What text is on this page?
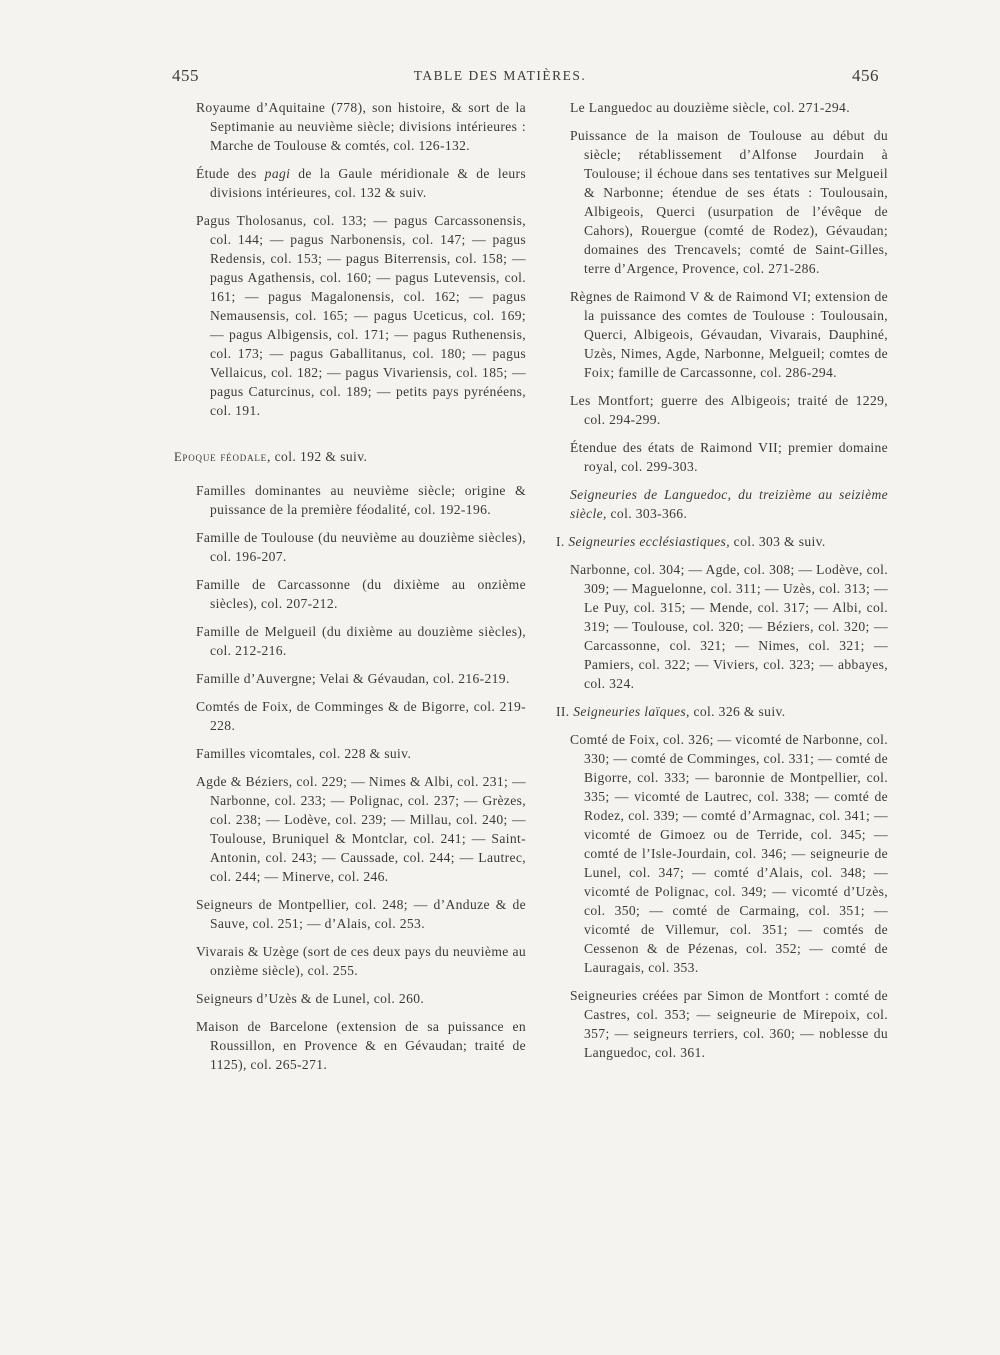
455	TABLE DES MATIÈRES.	456

Royaume d’Aquitaine (778), son histoire, & sort de la Septimanie au neuvième siècle; divisions intérieures : Marche de Toulouse & comtés, col. 126-132.

Étude des pagi de la Gaule méridionale & de leurs divisions intérieures, col. 132 & suiv.

Pagus Tholosanus, col. 133; — pagus Carcassonensis, col. 144; — pagus Narbonensis, col. 147; — pagus Redensis, col. 153; — pagus Biterrensis, col. 158; — pagus Agathensis, col. 160; — pagus Lutevensis, col. 161; — pagus Magalonensis, col. 162; — pagus Nemausensis, col. 165; — pagus Uceticus, col. 169; — pagus Albigensis, col. 171; — pagus Ruthenensis, col. 173; — pagus Gaballitanus, col. 180; — pagus Vellaicus, col. 182; — pagus Vivariensis, col. 185; — pagus Caturcinus, col. 189; — petits pays pyrénéens, col. 191.

Epoque féodale, col. 192 & suiv.

Familles dominantes au neuvième siècle; origine & puissance de la première féodalité, col. 192-196.

Famille de Toulouse (du neuvième au douzième siècles), col. 196-207.

Famille de Carcassonne (du dixième au onzième siècles), col. 207-212.

Famille de Melgueil (du dixième au douzième siècles), col. 212-216.

Famille d’Auvergne; Velai & Gévaudan, col. 216-219.

Comtés de Foix, de Comminges & de Bigorre, col. 219-228.

Familles vicomtales, col. 228 & suiv.

Agde & Béziers, col. 229; — Nimes & Albi, col. 231; — Narbonne, col. 233; — Polignac, col. 237; — Grèzes, col. 238; — Lodève, col. 239; — Millau, col. 240; — Toulouse, Bruniquel & Montclar, col. 241; — Saint-Antonin, col. 243; — Caussade, col. 244; — Lautrec, col. 244; — Minerve, col. 246.

Seigneurs de Montpellier, col. 248; — d’Anduze & de Sauve, col. 251; — d’Alais, col. 253.

Vivarais & Uzège (sort de ces deux pays du neuvième au onzième siècle), col. 255.

Seigneurs d’Uzès & de Lunel, col. 260.

Maison de Barcelone (extension de sa puissance en Roussillon, en Provence & en Gévaudan; traité de 1125), col. 265-271.

Le Languedoc au douzième siècle, col. 271-294.

Puissance de la maison de Toulouse au début du siècle; rétablissement d’Alfonse Jourdain à Toulouse; il échoue dans ses tentatives sur Melgueil & Narbonne; étendue de ses états : Toulousain, Albigeois, Querci (usurpation de l’évêque de Cahors), Rouergue (comté de Rodez), Gévaudan; domaines des Trencavels; comté de Saint-Gilles, terre d’Argence, Provence, col. 271-286.

Règnes de Raimond V & de Raimond VI; extension de la puissance des comtes de Toulouse : Toulousain, Querci, Albigeois, Gévaudan, Vivarais, Dauphiné, Uzès, Nimes, Agde, Narbonne, Melgueil; comtes de Foix; famille de Carcassonne, col. 286-294.

Les Montfort; guerre des Albigeois; traité de 1229, col. 294-299.

Étendue des états de Raimond VII; premier domaine royal, col. 299-303.

Seigneuries de Languedoc, du treizième au seizième siècle, col. 303-366.

I. Seigneuries ecclésiastiques, col. 303 & suiv.

Narbonne, col. 304; — Agde, col. 308; — Lodève, col. 309; — Maguelonne, col. 311; — Uzès, col. 313; — Le Puy, col. 315; — Mende, col. 317; — Albi, col. 319; — Toulouse, col. 320; — Béziers, col. 320; — Carcassonne, col. 321; — Nimes, col. 321; — Pamiers, col. 322; — Viviers, col. 323; — abbayes, col. 324.

II. Seigneuries laïques, col. 326 & suiv.

Comté de Foix, col. 326; — vicomté de Narbonne, col. 330; — comté de Comminges, col. 331; — comté de Bigorre, col. 333; — baronnie de Montpellier, col. 335; — vicomté de Lautrec, col. 338; — comté de Rodez, col. 339; — comté d’Armagnac, col. 341; — vicomté de Gimoez ou de Terride, col. 345; — comté de l’Isle-Jourdain, col. 346; — seigneurie de Lunel, col. 347; — comté d’Alais, col. 348; — vicomté de Polignac, col. 349; — vicomté d’Uzès, col. 350; — comté de Carmaing, col. 351; — vicomté de Villemur, col. 351; — comtés de Cessenon & de Pézenas, col. 352; — comté de Lauragais, col. 353.

Seigneuries créées par Simon de Montfort : comté de Castres, col. 353; — seigneurie de Mirepoix, col. 357; — seigneurs terriers, col. 360; — noblesse du Languedoc, col. 361.
